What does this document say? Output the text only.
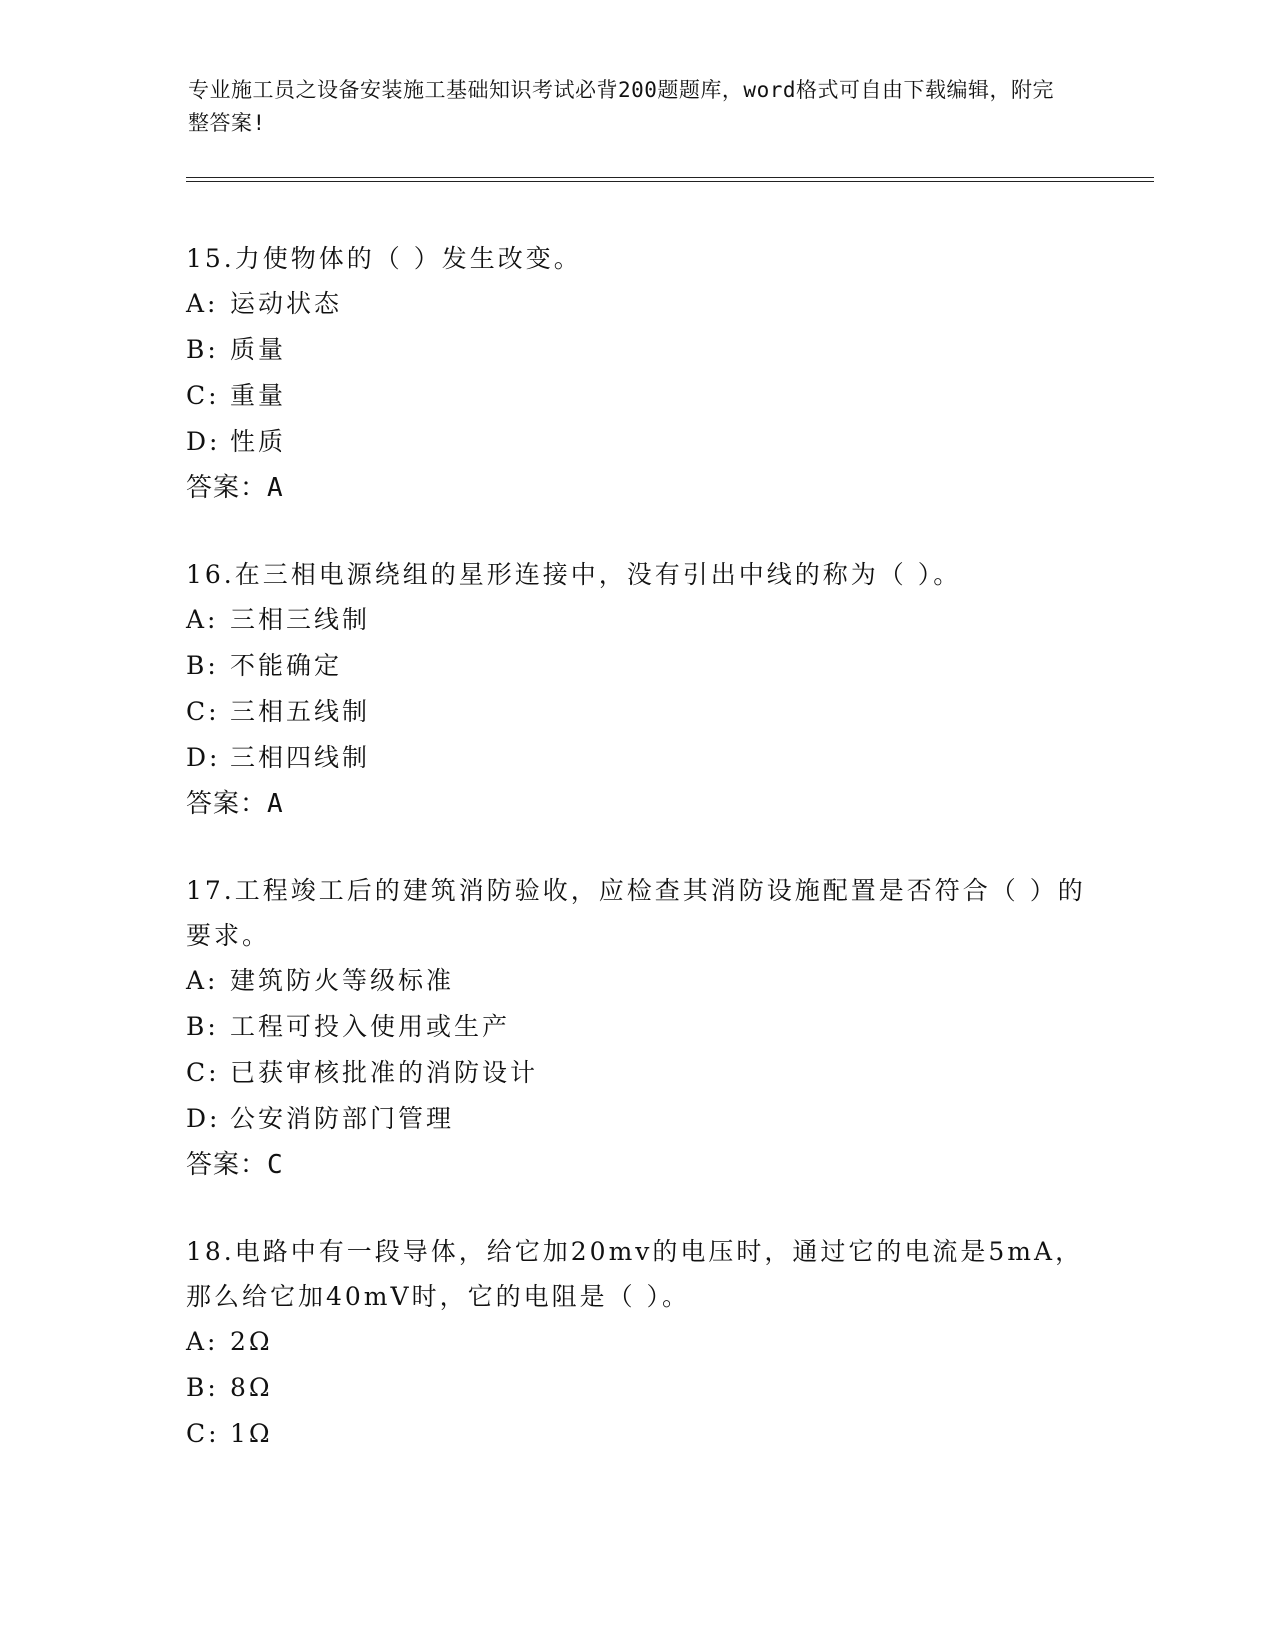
专业施工员之设备安装施工基础知识考试必背200题题库，word格式可自由下载编辑，附完整答案!
15.力使物体的（ ）发生改变。
A: 运动状态
B: 质量
C: 重量
D: 性质
答案：A
16.在三相电源绕组的星形连接中，没有引出中线的称为（ ）。
A: 三相三线制
B: 不能确定
C: 三相五线制
D: 三相四线制
答案：A
17.工程竣工后的建筑消防验收，应检查其消防设施配置是否符合（ ）的要求。
A: 建筑防火等级标准
B: 工程可投入使用或生产
C: 已获审核批准的消防设计
D: 公安消防部门管理
答案：C
18.电路中有一段导体，给它加20mv的电压时，通过它的电流是5mA，那么给它加40mV时，它的电阻是（ ）。
A: 2Ω
B: 8Ω
C: 1Ω
